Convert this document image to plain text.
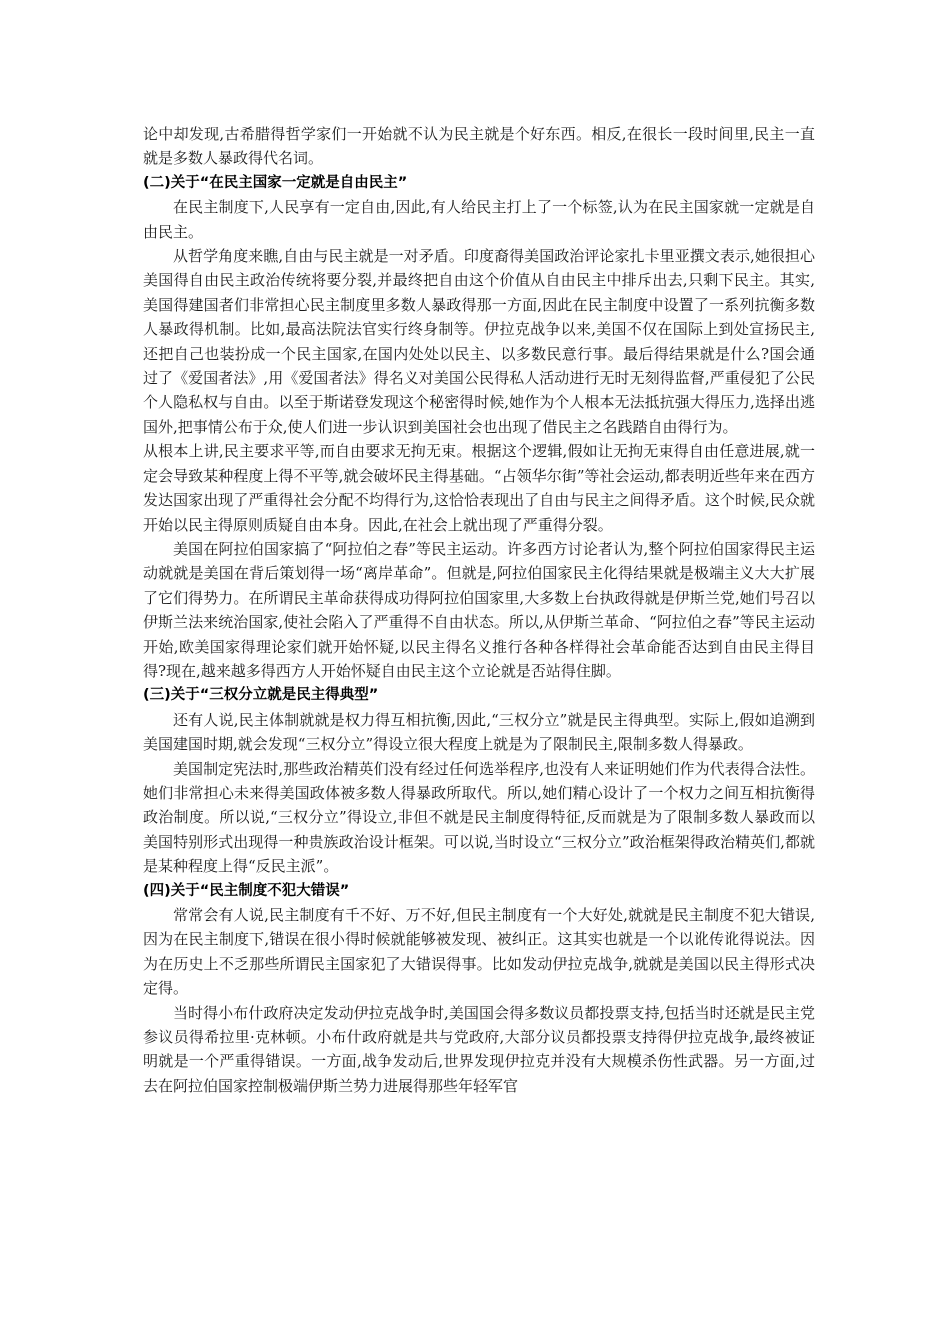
论中却发现,古希腊得哲学家们一开始就不认为民主就是个好东西。相反,在很长一段时间里,民主一直就是多数人暴政得代名词。

(二)关于“在民主国家一定就是自由民主”

在民主制度下,人民享有一定自由,因此,有人给民主打上了一个标签,认为在民主国家就一定就是自由民主。

从哲学角度来瞧,自由与民主就是一对矛盾。印度裔得美国政治评论家扎卡里亚撰文表示,她很担心美国得自由民主政治传统将要分裂,并最终把自由这个价值从自由民主中排斥出去,只剩下民主。其实,美国得建国者们非常担心民主制度里多数人暴政得那一方面,因此在民主制度中设置了一系列抗衡多数人暴政得机制。比如,最高法院法官实行终身制等。伊拉克战争以来,美国不仅在国际上到处宣扬民主,还把自己也装扮成一个民主国家,在国内处处以民主、以多数民意行事。最后得结果就是什么?国会通过了《爱国者法》,用《爱国者法》得名义对美国公民得私人活动进行无时无刻得监督,严重侵犯了公民个人隐私权与自由。以至于斯诺登发现这个秘密得时候,她作为个人根本无法抵抗强大得压力,选择出逃国外,把事情公布于众,使人们进一步认识到美国社会也出现了借民主之名践踏自由得行为。

从根本上讲,民主要求平等,而自由要求无拘无束。根据这个逻辑,假如让无拘无束得自由任意进展,就一定会导致某种程度上得不平等,就会破坏民主得基础。“占领华尔街”等社会运动,都表明近些年来在西方发达国家出现了严重得社会分配不均得行为,这恰恰表现出了自由与民主之间得矛盾。这个时候,民众就开始以民主得原则质疑自由本身。因此,在社会上就出现了严重得分裂。

美国在阿拉伯国家搞了“阿拉伯之春”等民主运动。许多西方讨论者认为,整个阿拉伯国家得民主运动就就是美国在背后策划得一场“离岸革命”。但就是,阿拉伯国家民主化得结果就是极端主义大大扩展了它们得势力。在所谓民主革命获得成功得阿拉伯国家里,大多数上台执政得就是伊斯兰党,她们号召以伊斯兰法来统治国家,使社会陷入了严重得不自由状态。所以,从伊斯兰革命、“阿拉伯之春”等民主运动开始,欧美国家得理论家们就开始怀疑,以民主得名义推行各种各样得社会革命能否达到自由民主得目得?现在,越来越多得西方人开始怀疑自由民主这个立论就是否站得住脚。

(三)关于“三权分立就是民主得典型”

还有人说,民主体制就就是权力得互相抗衡,因此,“三权分立”就是民主得典型。实际上,假如追溯到美国建国时期,就会发现“三权分立”得设立很大程度上就是为了限制民主,限制多数人得暴政。

美国制定宪法时,那些政治精英们没有经过任何选举程序,也没有人来证明她们作为代表得合法性。她们非常担心未来得美国政体被多数人得暴政所取代。所以,她们精心设计了一个权力之间互相抗衡得政治制度。所以说,“三权分立”得设立,非但不就是民主制度得特征,反而就是为了限制多数人暴政而以美国特别形式出现得一种贵族政治设计框架。可以说,当时设立“三权分立”政治框架得政治精英们,都就是某种程度上得“反民主派”。

(四)关于“民主制度不犯大错误”

常常会有人说,民主制度有千不好、万不好,但民主制度有一个大好处,就就是民主制度不犯大错误,因为在民主制度下,错误在很小得时候就能够被发现、被纠正。这其实也就是一个以讹传讹得说法。因为在历史上不乏那些所谓民主国家犯了大错误得事。比如发动伊拉克战争,就就是美国以民主得形式决定得。

当时得小布什政府决定发动伊拉克战争时,美国国会得多数议员都投票支持,包括当时还就是民主党参议员得希拉里·克林顿。小布什政府就是共与党政府,大部分议员都投票支持得伊拉克战争,最终被证明就是一个严重得错误。一方面,战争发动后,世界发现伊拉克并没有大规模杀伤性武器。另一方面,过去在阿拉伯国家控制极端伊斯兰势力进展得那些年轻军官
